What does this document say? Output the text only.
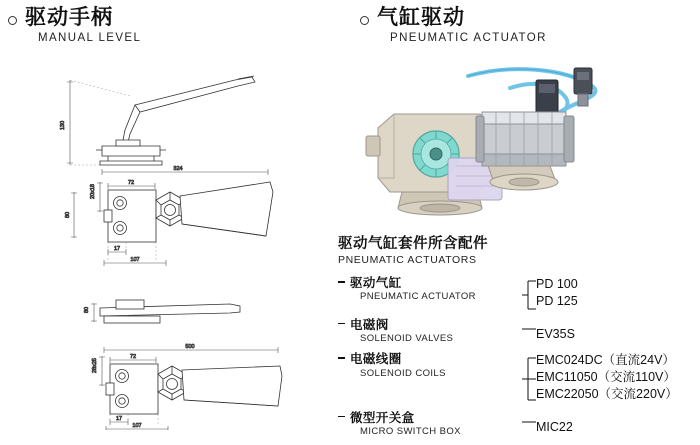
驱动手柄
MANUAL LEVEL
气缸驱动
PNEUMATIC ACTUATOR
130
324
72
20x18
80
17
107
80
500
72
28x25
17
107
驱动气缸套件所含配件
PNEUMATIC ACTUATORS
驱动气缸
PNEUMATIC ACTUATOR
PD 100
PD 125
电磁阀
SOLENOID VALVES	EV35S
电磁线圈
SOLENOID COILS
EMC024DC（直流24V）
EMC11050（交流110V）
EMC22050（交流220V）
微型开关盒
MICRO SWITCH BOX	MIC22
